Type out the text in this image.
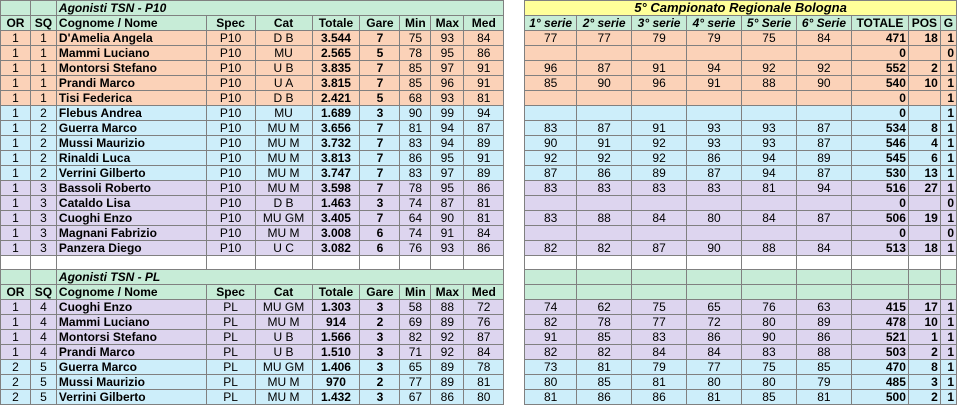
		Agonisti TSN - P10									5° Campionato Regionale Bologna								
OR	SQ	Cognome / Nome	Spec	Cat	Totale	Gare	Min	Max	Med		1° serie	2° serie	3° serie	4° serie	5° Serie	6° Serie	TOTALE	POS	G
1	1	D'Amelia Angela	P10	D B	3.544	7	75	93	84		77	77	79	79	75	84	471	18	1
1	1	Mammi Luciano	P10	MU	2.565	5	78	95	86								0		0
1	1	Montorsi Stefano	P10	U B	3.835	7	85	97	91		96	87	91	94	92	92	552	2	1
1	1	Prandi Marco	P10	U A	3.815	7	85	96	91		85	90	96	91	88	90	540	10	1
1	1	Tisi Federica	P10	D B	2.421	5	68	93	81								0		1
1	2	Flebus Andrea	P10	MU	1.689	3	90	99	94								0		1
1	2	Guerra Marco	P10	MU M	3.656	7	81	94	87		83	87	91	93	93	87	534	8	1
1	2	Mussi Maurizio	P10	MU M	3.732	7	83	94	89		90	91	92	93	93	87	546	4	1
1	2	Rinaldi Luca	P10	MU M	3.813	7	86	95	91		92	92	92	86	94	89	545	6	1
1	2	Verrini Gilberto	P10	MU M	3.747	7	83	97	89		87	86	89	87	94	87	530	13	1
1	3	Bassoli Roberto	P10	MU M	3.598	7	78	95	86		83	83	83	83	81	94	516	27	1
1	3	Cataldo Lisa	P10	D B	1.463	3	74	87	81								0		0
1	3	Cuoghi Enzo	P10	MU GM	3.405	7	64	90	81		83	88	84	80	84	87	506	19	1
1	3	Magnani Fabrizio	P10	MU M	3.008	6	74	91	84								0		0
1	3	Panzera Diego	P10	U C	3.082	6	76	93	86		82	82	87	90	88	84	513	18	1

		Agonisti TSN - PL																	
OR	SQ	Cognome / Nome	Spec	Cat	Totale	Gare	Min	Max	Med										
1	4	Cuoghi Enzo	PL	MU GM	1.303	3	58	88	72		74	62	75	65	76	63	415	17	1
1	4	Mammi Luciano	PL	MU M	914	2	69	89	76		82	78	77	72	80	89	478	10	1
1	4	Montorsi Stefano	PL	U B	1.566	3	82	92	87		91	85	83	86	90	86	521	1	1
1	4	Prandi Marco	PL	U B	1.510	3	71	92	84		82	82	84	84	83	88	503	2	1
2	5	Guerra Marco	PL	MU GM	1.406	3	65	89	78		73	81	79	77	75	85	470	8	1
2	5	Mussi Maurizio	PL	MU M	970	2	77	89	81		80	85	81	80	80	79	485	3	1
2	5	Verrini Gilberto	PL	MU M	1.432	3	67	86	80		81	86	86	81	85	81	500	2	1
